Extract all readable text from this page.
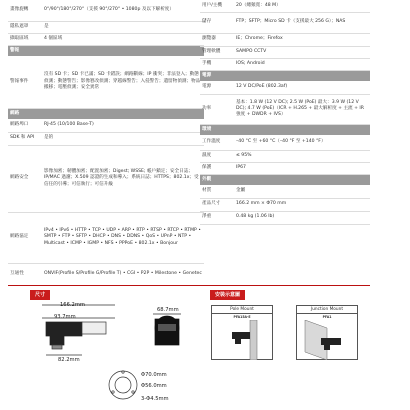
畫像旋轉	0°/90°/180°/270°（支援 90°/270° • 1080p 及以下解析度）
隱私遮罩	是
擷取區域	4 個區域
警報	
警報事件	沒有 SD 卡；SD 卡已滿；SD 卡錯誤；網路斷線；IP 衝突；非法登入；動態偵測；動態警告；影像篡改偵測；穿越線警告；入侵警告；遺留物偵測；物品搬移；電壓偵測；安全異常
網路	
網路埠口	RJ-45 (10/100 Base-T)
SDK 和 API	是的
網路安全	影像加密；韌體加密；配置加密；Digest; WSSE; 帳戶鎖定；安全日誌；IP/MAC 過濾；X.509 認證的生成和導入；系統日誌；HTTPS；802.1x；受信任的引導；可信執行；可信升級
網路協定	IPv4 • IPv6 • HTTP • TCP • UDP • ARP • RTP • RTSP • RTCP • RTMP • SMTP • FTP • SFTP • DHCP • DNS • DDNS • QoS • UPnP • NTP • Multicast • ICMP • IGMP • NFS • PPPoE • 802.1x • Bonjour
互通性	ONVIF(Profile S/Profile G/Profile T) • CGI • P2P • Milestone • Genetec
用戶/主機	20（總頻寬：48 M）
儲存	FTP；SFTP；Micro SD 卡（支援最大 256 G）；NAS
瀏覽器	IE；Chrome；Firefox
管理軟體	SAMPO CCTV
手機	IOS; Android
電源	
電源	12 V DC/PoE (802.3af)
功率	基本：1.8 W (12 V DC); 2.5 W (PoE) 最大：3.9 W (12 V DC); 4.7 W (PoE)（ICR + H.265 + 最大解析度 + 主流 + IR 強度 + DWDR + IVS）
環境	
工作溫度	–40 °C 至 +60 °C（–40 °F 至 +140 °F）
濕度	≤ 95%
保護	IP67
外觀	
材質	金屬
產品尺寸	166.2 mm × Φ70 mm
淨重	0.48 kg (1.06 lb)
尺寸	安裝示意圖
166.2mm
93.7mm
82.2mm
68.7mm
Φ70.0mm
Φ56.0mm
3-Φ4.5mm
Pole Mount
PFA15A-E
Junction Mount
PFA1
